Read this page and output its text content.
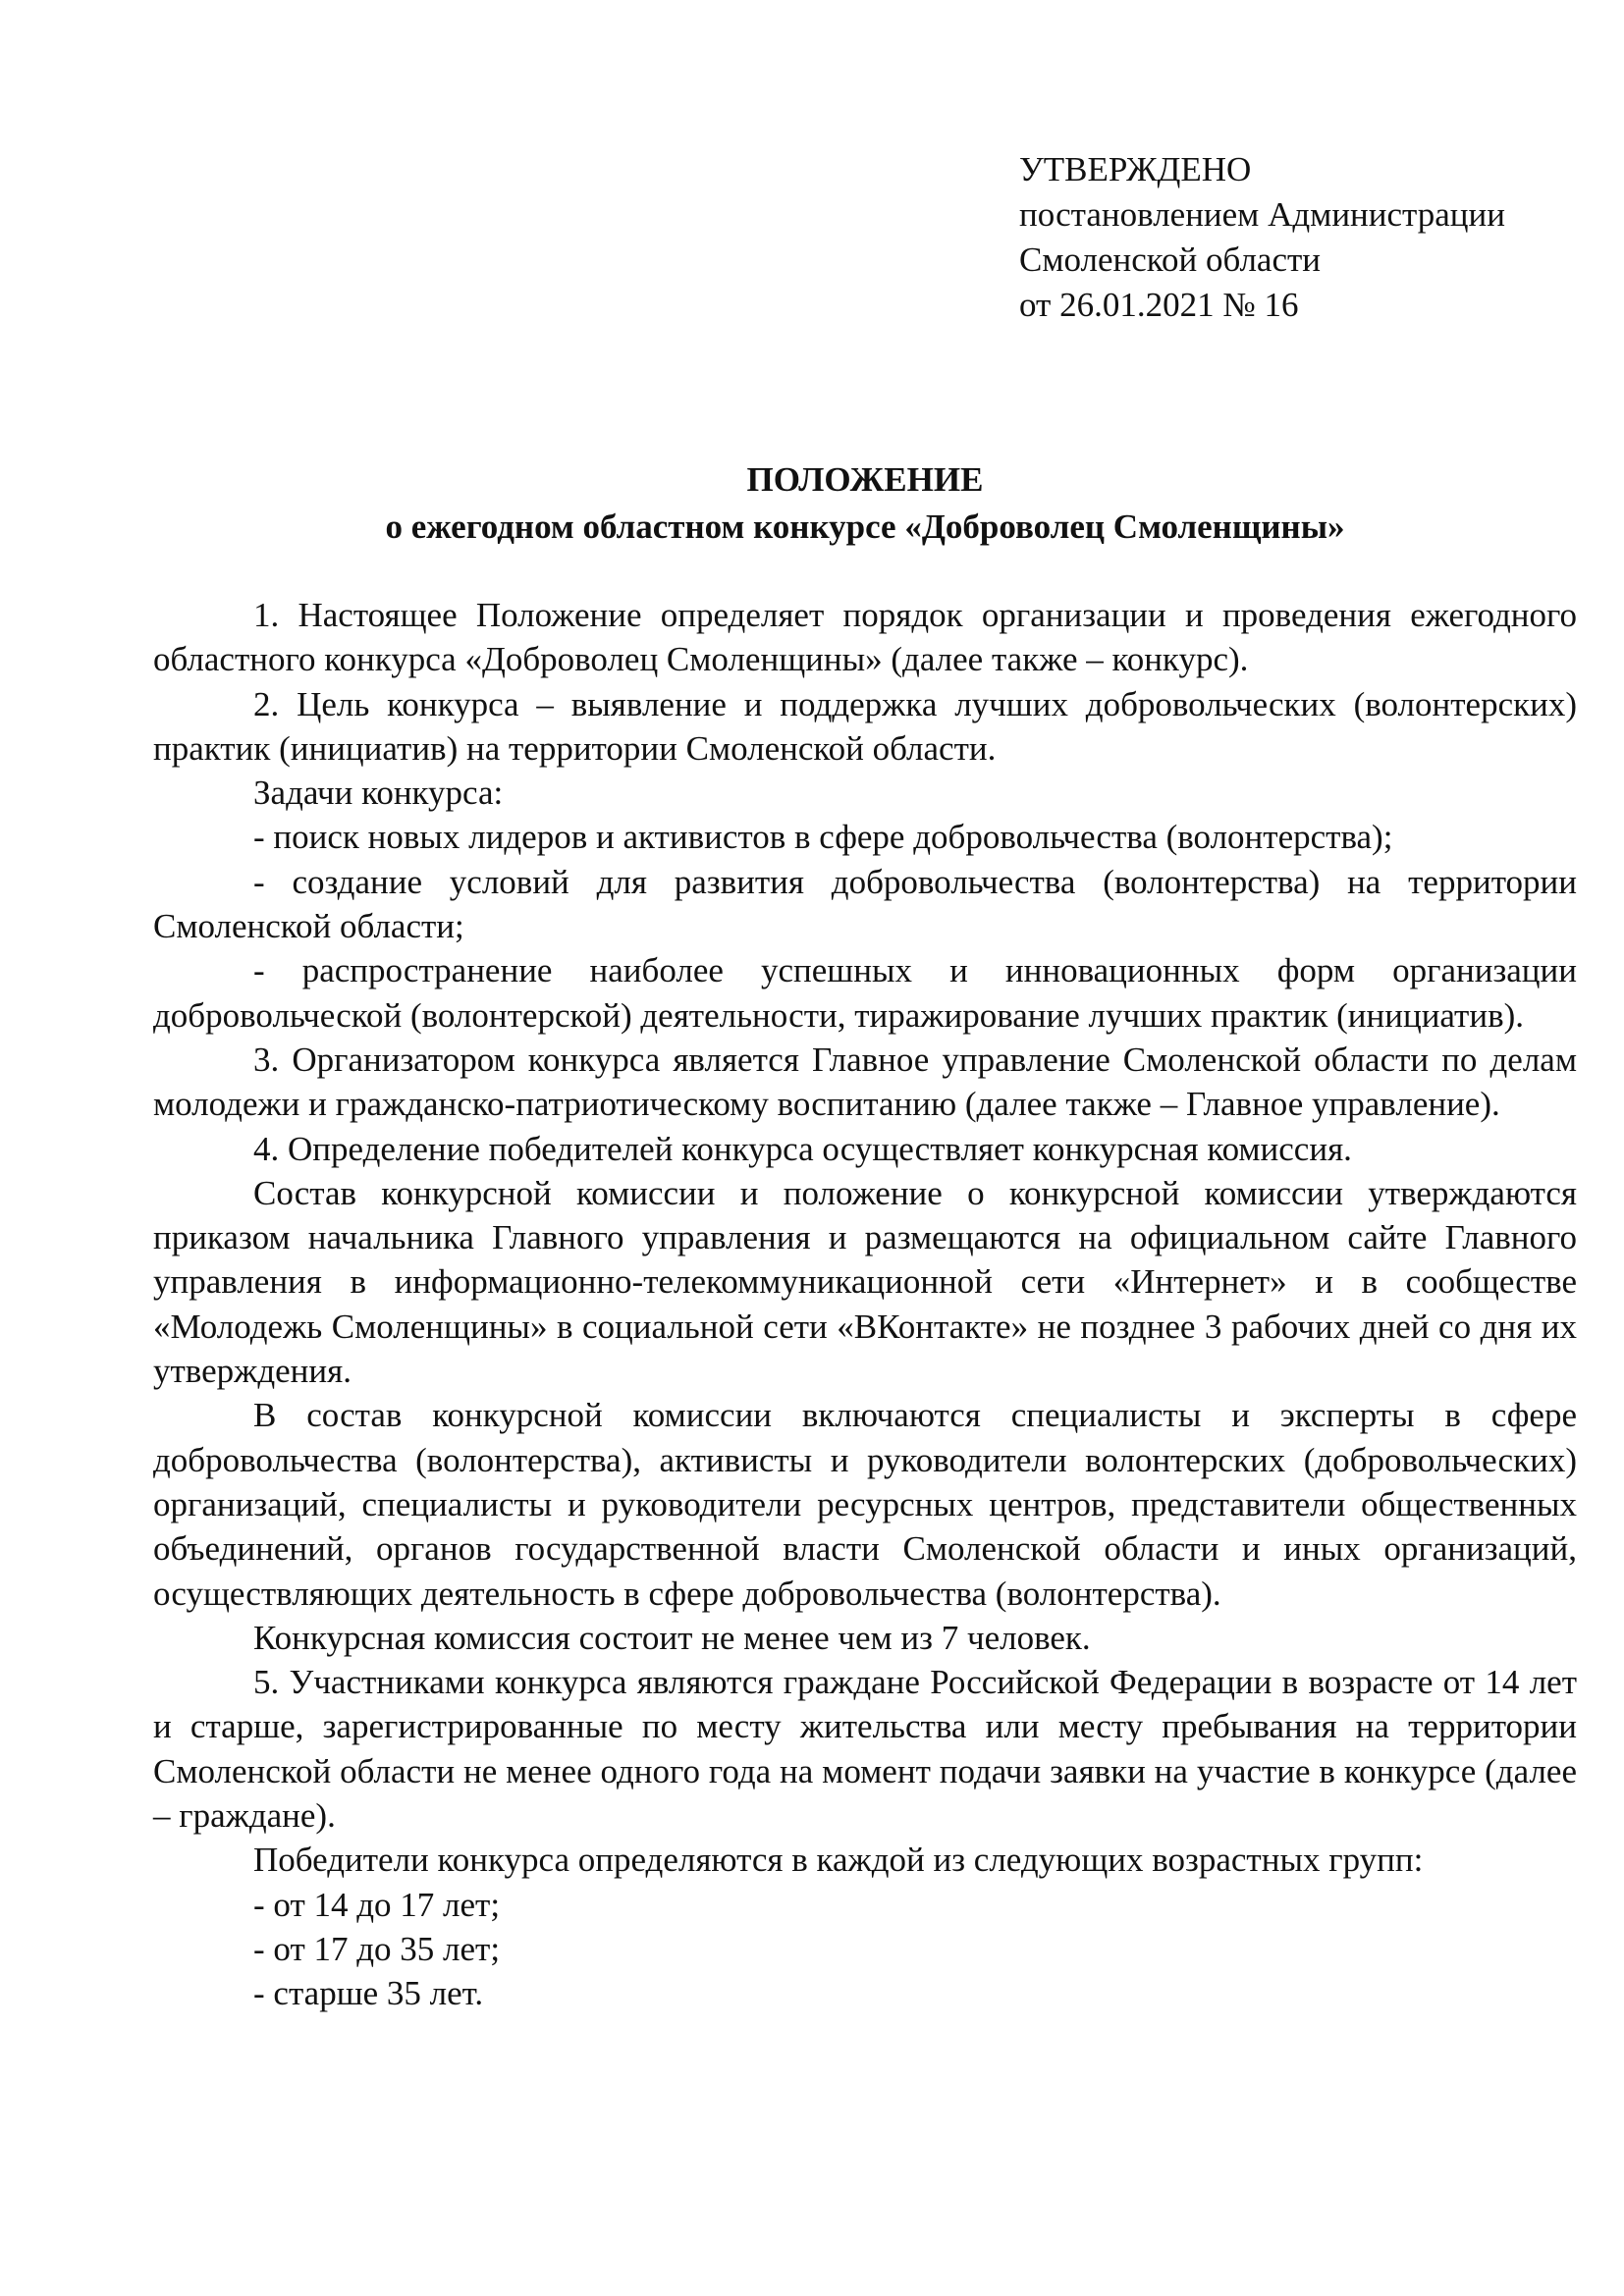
УТВЕРЖДЕНО
постановлением Администрации
Смоленской области
от 26.01.2021 № 16
ПОЛОЖЕНИЕ
о ежегодном областном конкурсе «Доброволец Смоленщины»

1. Настоящее Положение определяет порядок организации и проведения ежегодного областного конкурса «Доброволец Смоленщины» (далее также – конкурс).

2. Цель конкурса – выявление и поддержка лучших добровольческих (волонтерских) практик (инициатив) на территории Смоленской области.

Задачи конкурса:

- поиск новых лидеров и активистов в сфере добровольчества (волонтерства);

- создание условий для развития добровольчества (волонтерства) на территории Смоленской области;

- распространение наиболее успешных и инновационных форм организации добровольческой (волонтерской) деятельности, тиражирование лучших практик (инициатив).

3. Организатором конкурса является Главное управление Смоленской области по делам молодежи и гражданско-патриотическому воспитанию (далее также – Главное управление).

4. Определение победителей конкурса осуществляет конкурсная комиссия.

Состав конкурсной комиссии и положение о конкурсной комиссии утверждаются приказом начальника Главного управления и размещаются на официальном сайте Главного управления в информационно-телекоммуникационной сети «Интернет» и в сообществе «Молодежь Смоленщины» в социальной сети «ВКонтакте» не позднее 3 рабочих дней со дня их утверждения.

В состав конкурсной комиссии включаются специалисты и эксперты в сфере добровольчества (волонтерства), активисты и руководители волонтерских (добровольческих) организаций, специалисты и руководители ресурсных центров, представители общественных объединений, органов государственной власти Смоленской области и иных организаций, осуществляющих деятельность в сфере добровольчества (волонтерства).

Конкурсная комиссия состоит не менее чем из 7 человек.

5. Участниками конкурса являются граждане Российской Федерации в возрасте от 14 лет и старше, зарегистрированные по месту жительства или месту пребывания на территории Смоленской области не менее одного года на момент подачи заявки на участие в конкурсе (далее – граждане).

Победители конкурса определяются в каждой из следующих возрастных групп:

- от 14 до 17 лет;

- от 17 до 35 лет;

- старше 35 лет.
